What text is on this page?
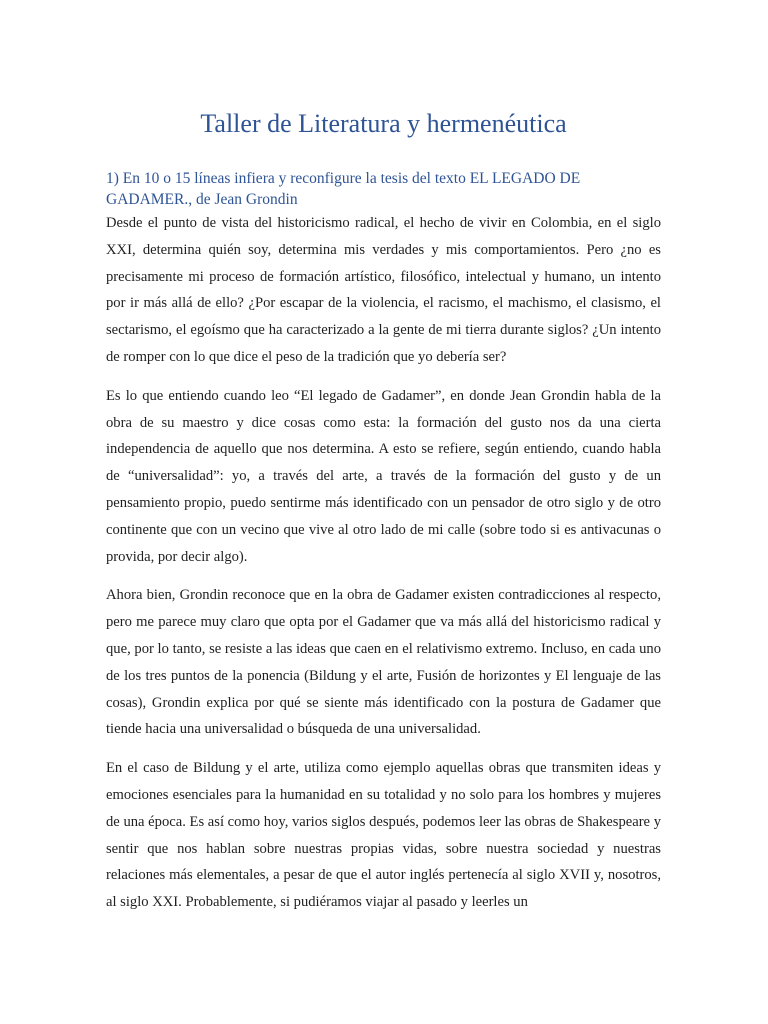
Taller de Literatura y hermenéutica
1) En 10 o 15 líneas infiera y reconfigure la tesis del texto EL LEGADO DE GADAMER., de Jean Grondin

Desde el punto de vista del historicismo radical, el hecho de vivir en Colombia, en el siglo XXI, determina quién soy, determina mis verdades y mis comportamientos. Pero ¿no es precisamente mi proceso de formación artístico, filosófico, intelectual y humano, un intento por ir más allá de ello? ¿Por escapar de la violencia, el racismo, el machismo, el clasismo, el sectarismo, el egoísmo que ha caracterizado a la gente de mi tierra durante siglos? ¿Un intento de romper con lo que dice el peso de la tradición que yo debería ser?

Es lo que entiendo cuando leo “El legado de Gadamer”, en donde Jean Grondin habla de la obra de su maestro y dice cosas como esta: la formación del gusto nos da una cierta independencia de aquello que nos determina. A esto se refiere, según entiendo, cuando habla de “universalidad”: yo, a través del arte, a través de la formación del gusto y de un pensamiento propio, puedo sentirme más identificado con un pensador de otro siglo y de otro continente que con un vecino que vive al otro lado de mi calle (sobre todo si es antivacunas o provida, por decir algo).

Ahora bien, Grondin reconoce que en la obra de Gadamer existen contradicciones al respecto, pero me parece muy claro que opta por el Gadamer que va más allá del historicismo radical y que, por lo tanto, se resiste a las ideas que caen en el relativismo extremo. Incluso, en cada uno de los tres puntos de la ponencia (Bildung y el arte, Fusión de horizontes y El lenguaje de las cosas), Grondin explica por qué se siente más identificado con la postura de Gadamer que tiende hacia una universalidad o búsqueda de una universalidad.

En el caso de Bildung y el arte, utiliza como ejemplo aquellas obras que transmiten ideas y emociones esenciales para la humanidad en su totalidad y no solo para los hombres y mujeres de una época. Es así como hoy, varios siglos después, podemos leer las obras de Shakespeare y sentir que nos hablan sobre nuestras propias vidas, sobre nuestra sociedad y nuestras relaciones más elementales, a pesar de que el autor inglés pertenecía al siglo XVII y, nosotros, al siglo XXI. Probablemente, si pudiéramos viajar al pasado y leerles un
